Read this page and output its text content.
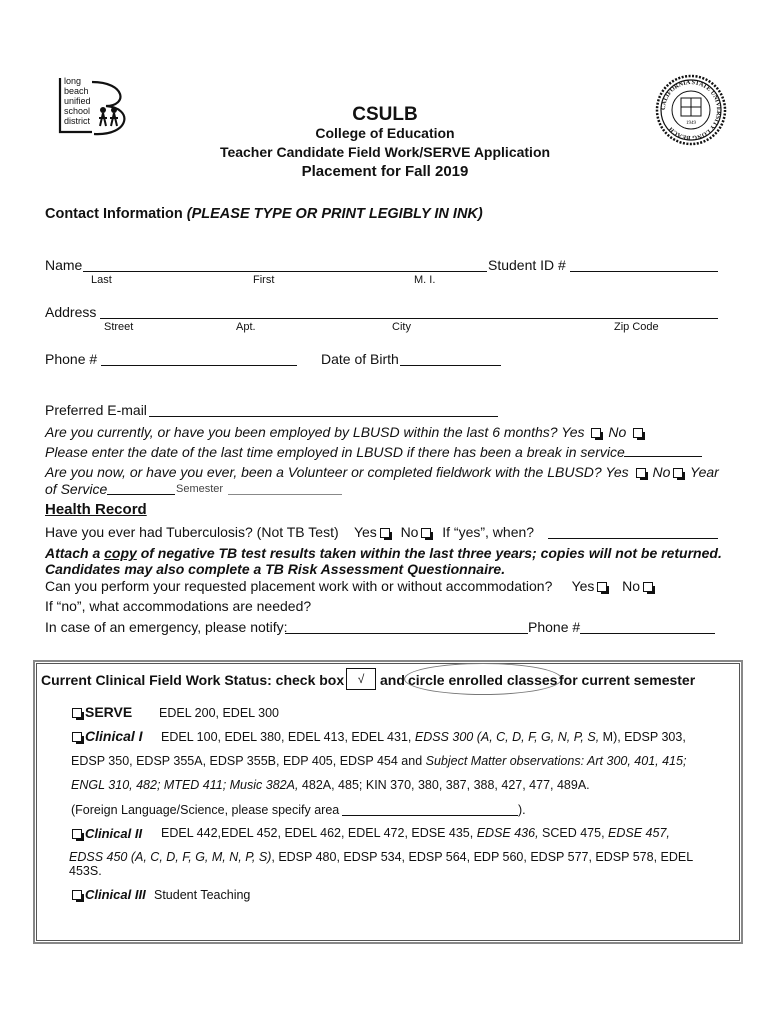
long
beach
unified
school
district	CSULB
College of Education
Teacher Candidate Field Work/SERVE Application
Placement for Fall 2019
CALIFORNIA STATE UNIVERSITY LONG BEACH
1949
Contact Information (PLEASE TYPE OR PRINT LEGIBLY IN INK)
Name	Student ID #
Last	First	M. I.
Address
Street	Apt.	City	Zip Code
Phone #	Date of Birth
Preferred E-mail
Are you currently, or have you been employed by LBUSD within the last 6 months? Yes No
Please enter the date of the last time employed in LBUSD if there has been a break in service
Are you now, or have you ever, been a Volunteer or completed fieldwork with the LBUSD? Yes No Year
of Service	Semester
Health Record
Have you ever had Tuberculosis? (Not TB Test) Yes No If “yes”, when?
Attach a copy of negative TB test results taken within the last three years; copies will not be returned.
Candidates may also complete a TB Risk Assessment Questionnaire.
Can you perform your requested placement work with or without accommodation? Yes No
If “no”, what accommodations are needed?
In case of an emergency, please notify:	Phone #
Current Clinical Field Work Status: check box	√	and circle enrolled classes for current semester
SERVE EDEL 200, EDEL 300
Clinical I EDEL 100, EDEL 380, EDEL 413, EDEL 431, EDSS 300 (A, C, D, F, G, N, P, S, M), EDSP 303,
EDSP 350, EDSP 355A, EDSP 355B, EDP 405, EDSP 454 and Subject Matter observations: Art 300, 401, 415;
ENGL 310, 482; MTED 411; Music 382A, 482A, 485; KIN 370, 380, 387, 388, 427, 477, 489A.
(Foreign Language/Science, please specify area	).
Clinical II EDEL 442,EDEL 452, EDEL 462, EDEL 472, EDSE 435, EDSE 436, SCED 475, EDSE 457,
EDSS 450 (A, C, D, F, G, M, N, P, S), EDSP 480, EDSP 534, EDSP 564, EDP 560, EDSP 577, EDSP 578, EDEL
453S.
Clinical III Student Teaching
